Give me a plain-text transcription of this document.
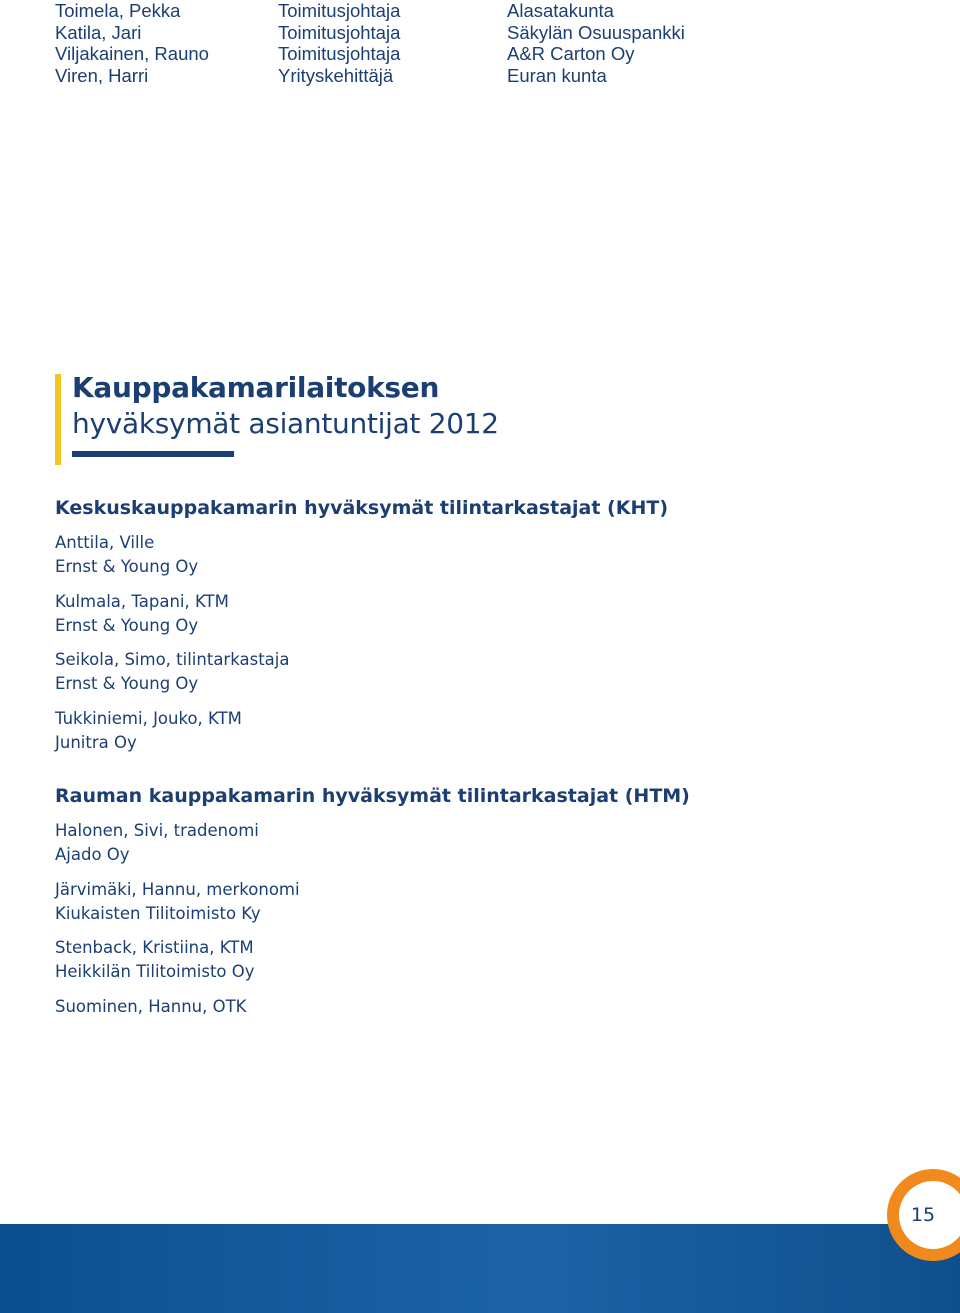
Toimela, Pekka	Toimitusjohtaja	Alasatakunta
Katila, Jari	Toimitusjohtaja	Säkylän Osuuspankki
Viljakainen, Rauno	Toimitusjohtaja	A&R Carton Oy
Viren, Harri	Yrityskehittäjä	Euran kunta
Kauppakamarilaitoksen
hyväksymät asiantuntijat 2012
Keskuskauppakamarin hyväksymät tilintarkastajat (KHT)
Anttila, Ville
Ernst & Young Oy
Kulmala, Tapani, KTM
Ernst & Young Oy
Seikola, Simo, tilintarkastaja
Ernst & Young Oy
Tukkiniemi, Jouko, KTM
Junitra Oy
Rauman kauppakamarin hyväksymät tilintarkastajat (HTM)
Halonen, Sivi, tradenomi
Ajado Oy
Järvimäki, Hannu, merkonomi
Kiukaisten Tilitoimisto Ky
Stenback, Kristiina, KTM
Heikkilän Tilitoimisto Oy
Suominen, Hannu, OTK
15
